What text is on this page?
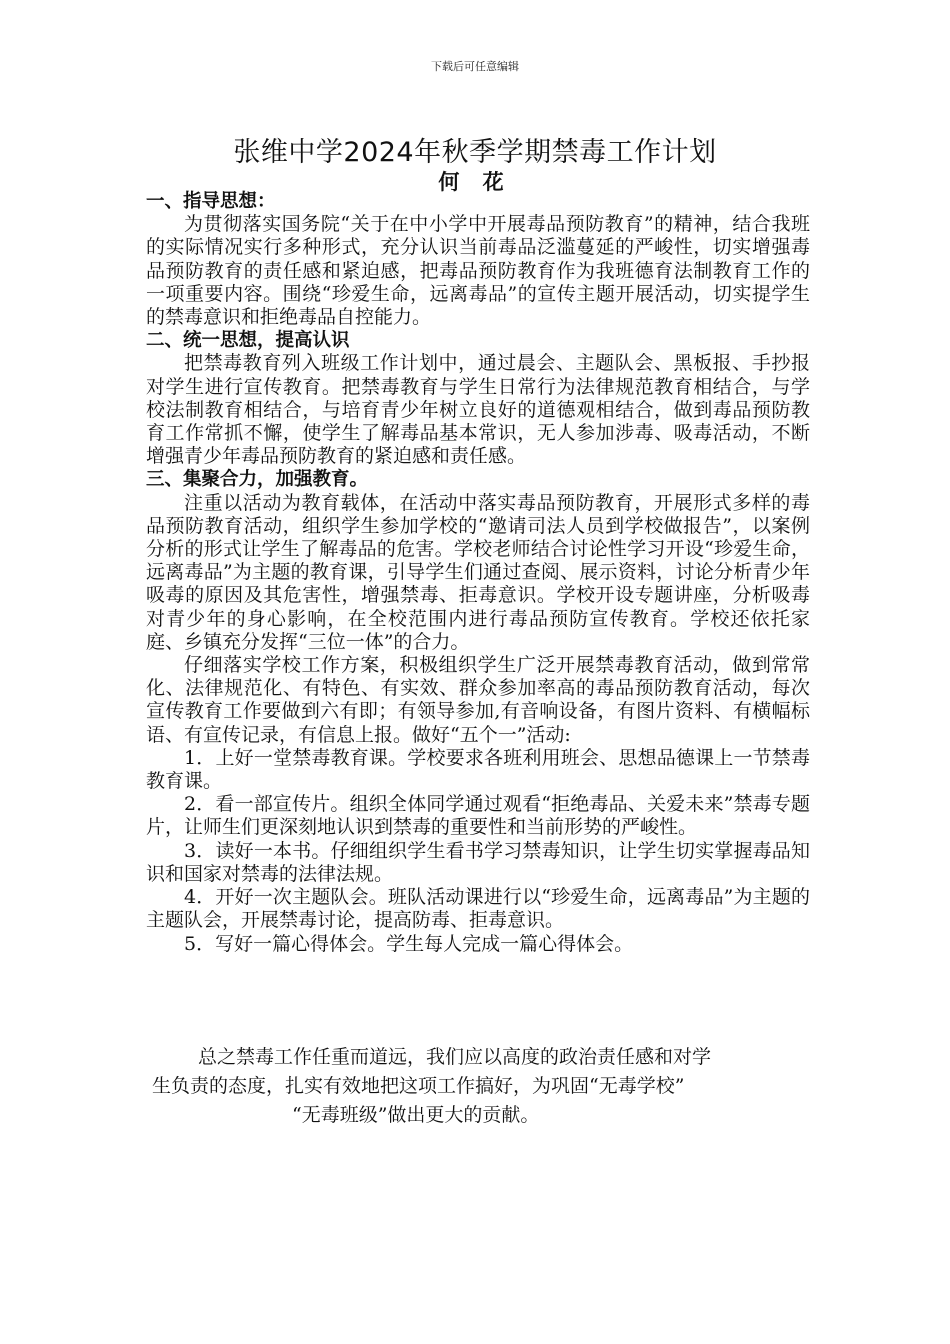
下载后可任意编辑
张维中学2024年秋季学期禁毒工作计划
何 花

一、指导思想：

为贯彻落实国务院“关于在中小学中开展毒品预防教育”的精神，结合我班的实际情况实行多种形式，充分认识当前毒品泛滥蔓延的严峻性，切实增强毒品预防教育的责任感和紧迫感，把毒品预防教育作为我班德育法制教育工作的一项重要内容。围绕“珍爱生命，远离毒品”的宣传主题开展活动，切实提学生的禁毒意识和拒绝毒品自控能力。

二、统一思想，提高认识

把禁毒教育列入班级工作计划中，通过晨会、主题队会、黑板报、手抄报对学生进行宣传教育。把禁毒教育与学生日常行为法律规范教育相结合，与学校法制教育相结合，与培育青少年树立良好的道德观相结合，做到毒品预防教育工作常抓不懈，使学生了解毒品基本常识，无人参加涉毒、吸毒活动，不断增强青少年毒品预防教育的紧迫感和责任感。

三、集聚合力，加强教育。

注重以活动为教育载体，在活动中落实毒品预防教育，开展形式多样的毒品预防教育活动，组织学生参加学校的“邀请司法人员到学校做报告”，以案例分析的形式让学生了解毒品的危害。学校老师结合讨论性学习开设“珍爱生命，远离毒品”为主题的教育课，引导学生们通过查阅、展示资料，讨论分析青少年吸毒的原因及其危害性，增强禁毒、拒毒意识。学校开设专题讲座，分析吸毒对青少年的身心影响，在全校范围内进行毒品预防宣传教育。学校还依托家庭、乡镇充分发挥“三位一体”的合力。

仔细落实学校工作方案，积极组织学生广泛开展禁毒教育活动，做到常常化、法律规范化、有特色、有实效、群众参加率高的毒品预防教育活动，每次宣传教育工作要做到六有即；有领导参加,有音响设备，有图片资料、有横幅标语、有宣传记录，有信息上报。做好“五个一”活动:

1．上好一堂禁毒教育课。学校要求各班利用班会、思想品德课上一节禁毒教育课。

2．看一部宣传片。组织全体同学通过观看“拒绝毒品、关爱未来”禁毒专题片，让师生们更深刻地认识到禁毒的重要性和当前形势的严峻性。

3．读好一本书。仔细组织学生看书学习禁毒知识，让学生切实掌握毒品知识和国家对禁毒的法律法规。

4．开好一次主题队会。班队活动课进行以“珍爱生命，远离毒品”为主题的主题队会，开展禁毒讨论，提高防毒、拒毒意识。

5．写好一篇心得体会。学生每人完成一篇心得体会。

总之禁毒工作任重而道远，我们应以高度的政治责任感和对学

生负责的态度，扎实有效地把这项工作搞好，为巩固“无毒学校”

“无毒班级”做出更大的贡献。
